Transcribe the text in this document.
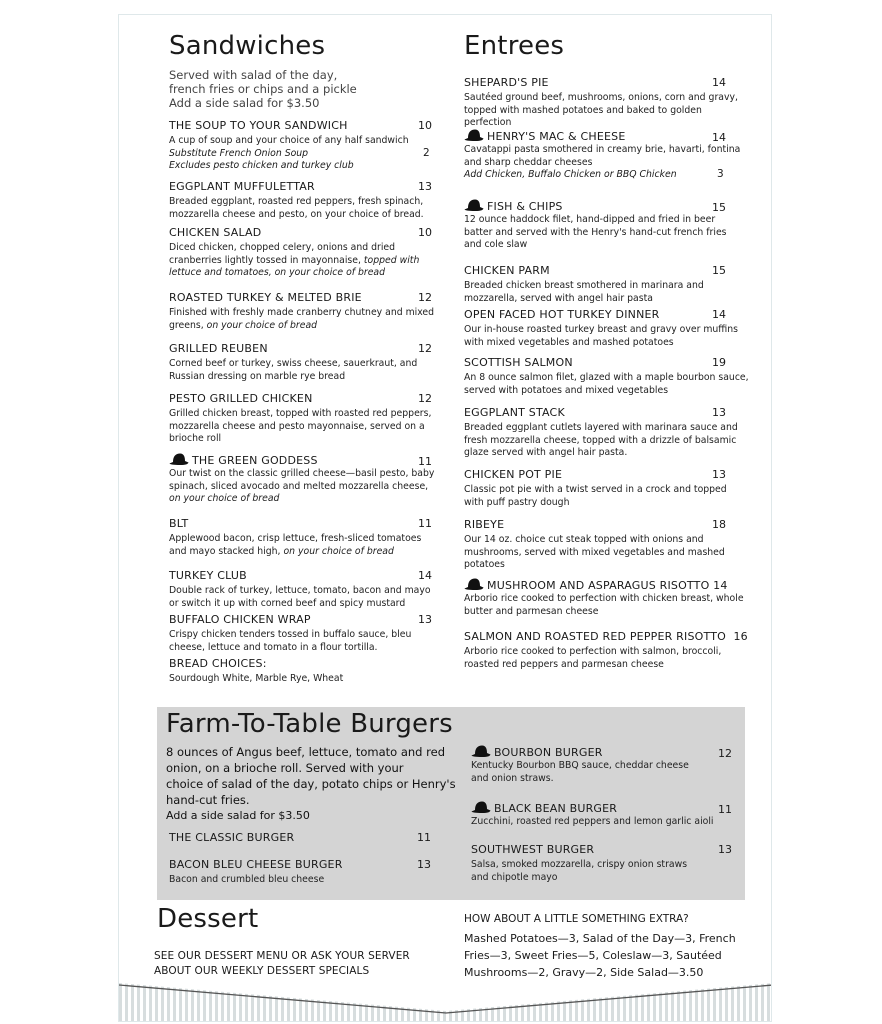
Sandwiches
Served with salad of the day,
french fries or chips and a pickle
Add a side salad for $3.50
THE SOUP TO YOUR SANDWICH	10
A cup of soup and your choice of any half sandwich
Substitute French Onion Soup	2
Excludes pesto chicken and turkey club
EGGPLANT MUFFULETTAR	13
Breaded eggplant, roasted red peppers, fresh spinach, mozzarella cheese and pesto, on your choice of bread.
CHICKEN SALAD	10
Diced chicken, chopped celery, onions and dried cranberries lightly tossed in mayonnaise, topped with lettuce and tomatoes, on your choice of bread
ROASTED TURKEY & MELTED BRIE	12
Finished with freshly made cranberry chutney and mixed greens, on your choice of bread
GRILLED REUBEN	12
Corned beef or turkey, swiss cheese, sauerkraut, and Russian dressing on marble rye bread
PESTO GRILLED CHICKEN	12
Grilled chicken breast, topped with roasted red peppers, mozzarella cheese and pesto mayonnaise, served on a brioche roll
THE GREEN GODDESS	11
Our twist on the classic grilled cheese—basil pesto, baby spinach, sliced avocado and melted mozzarella cheese, on your choice of bread
BLT	11
Applewood bacon, crisp lettuce, fresh-sliced tomatoes and mayo stacked high, on your choice of bread
TURKEY CLUB	14
Double rack of turkey, lettuce, tomato, bacon and mayo or switch it up with corned beef and spicy mustard
BUFFALO CHICKEN WRAP	13
Crispy chicken tenders tossed in buffalo sauce, bleu cheese, lettuce and tomato in a flour tortilla.
BREAD CHOICES:
Sourdough White, Marble Rye, Wheat
Entrees
SHEPARD'S PIE	14
Sautéed ground beef, mushrooms, onions, corn and gravy, topped with mashed potatoes and baked to golden perfection
HENRY'S MAC & CHEESE	14
Cavatappi pasta smothered in creamy brie, havarti, fontina and sharp cheddar cheeses
Add Chicken, Buffalo Chicken or BBQ Chicken	3
FISH & CHIPS	15
12 ounce haddock filet, hand-dipped and fried in beer batter and served with the Henry's hand-cut french fries and cole slaw
CHICKEN PARM	15
Breaded chicken breast smothered in marinara and mozzarella, served with angel hair pasta
OPEN FACED HOT TURKEY DINNER	14
Our in-house roasted turkey breast and gravy over muffins with mixed vegetables and mashed potatoes
SCOTTISH SALMON	19
An 8 ounce salmon filet, glazed with a maple bourbon sauce, served with potatoes and mixed vegetables
EGGPLANT STACK	13
Breaded eggplant cutlets layered with marinara sauce and fresh mozzarella cheese, topped with a drizzle of balsamic glaze served with angel hair pasta.
CHICKEN POT PIE	13
Classic pot pie with a twist served in a crock and topped with puff pastry dough
RIBEYE	18
Our 14 oz. choice cut steak topped with onions and mushrooms, served with mixed vegetables and mashed potatoes
MUSHROOM AND ASPARAGUS RISOTTO 14
Arborio rice cooked to perfection with chicken breast, whole butter and parmesan cheese
SALMON AND ROASTED RED PEPPER RISOTTO 16
Arborio rice cooked to perfection with salmon, broccoli, roasted red peppers and parmesan cheese
Farm-To-Table Burgers
8 ounces of Angus beef, lettuce, tomato and red
onion, on a brioche roll. Served with your
choice of salad of the day, potato chips or Henry's
hand-cut fries.
Add a side salad for $3.50
THE CLASSIC BURGER	11
BACON BLEU CHEESE BURGER	13
Bacon and crumbled bleu cheese
BOURBON BURGER	12
Kentucky Bourbon BBQ sauce, cheddar cheese and onion straws.
BLACK BEAN BURGER	11
Zucchini, roasted red peppers and lemon garlic aioli
SOUTHWEST BURGER	13
Salsa, smoked mozzarella, crispy onion straws and chipotle mayo
Dessert
SEE OUR DESSERT MENU OR ASK YOUR SERVER
ABOUT OUR WEEKLY DESSERT SPECIALS
HOW ABOUT A LITTLE SOMETHING EXTRA?
Mashed Potatoes—3, Salad of the Day—3, French
Fries—3, Sweet Fries—5, Coleslaw—3, Sautéed
Mushrooms—2, Gravy—2, Side Salad—3.50
